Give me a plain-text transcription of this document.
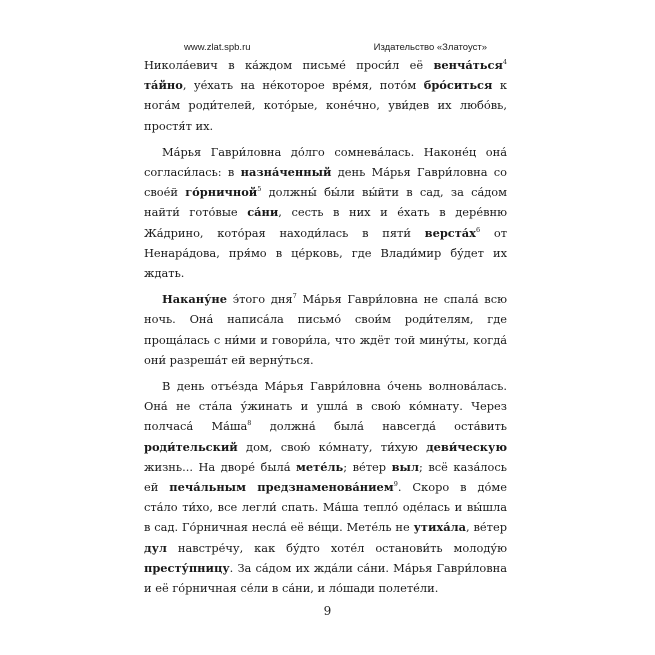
www.zlat.spb.ru	Издательство «Златоуст»

Никола́евич в ка́ждом письме́ проси́л её венча́ться$^4$ та́йно, уе́хать на не́которое вре́мя, пото́м бро́ситься к нога́м роди́телей, кото́рые, коне́чно, уви́дев их любо́вь, простя́т их.

Ма́рья Гаври́ловна до́лго сомнева́лась. Наконе́ц она́ согласи́лась: в назна́ченный день Ма́рья Гаври́ловна со свое́й го́рничной$^5$ должны́ бы́ли вы́йти в сад, за са́дом найти́ гото́вые са́ни, сесть в них и е́хать в дере́вню Жа́дрино, кото́рая находи́лась в пяти́ $верста́х^6$ от Ненара́дова, пря́мо в це́рковь, где Влади́мир бу́дет их ждать.

Накану́не э́того дня$^7$ Ма́рья Гаври́ловна не спала́ всю ночь. Она́ написа́ла письмо́ свои́м роди́телям, где проща́лась с ни́ми и говори́ла, что ждёт той мину́ты, когда́ они́ разреша́т ей верну́ться.

В день отъе́зда Ма́рья Гаври́ловна о́чень волнова́лась. Она́ не ста́ла у́жинать и ушла́ в свою́ ко́мнату. Через полчаса́ $Ма́ша^8$ должна́ была́ навсегда́ оста́вить роди́тельский дом, свою́ ко́мнату, ти́хую деви́ческую жизнь... На дворе́ была́ мете́ль; ве́тер выл; всё каза́лось ей печа́льным предзнаменова́нием$^9$. Скоро в до́ме ста́ло ти́хо, все легли́ спать. Ма́ша тепло́ оде́лась и вы́шла в сад. Го́рничная несла́ её ве́щи. Мете́ль не утиха́ла, ве́тер дул навстре́чу, как бу́дто хоте́л останови́ть молоду́ю престу́пницу. За са́дом их жда́ли са́ни. Ма́рья Гаври́ловна и её го́рничная се́ли в са́ни, и ло́шади полете́ли.

9
